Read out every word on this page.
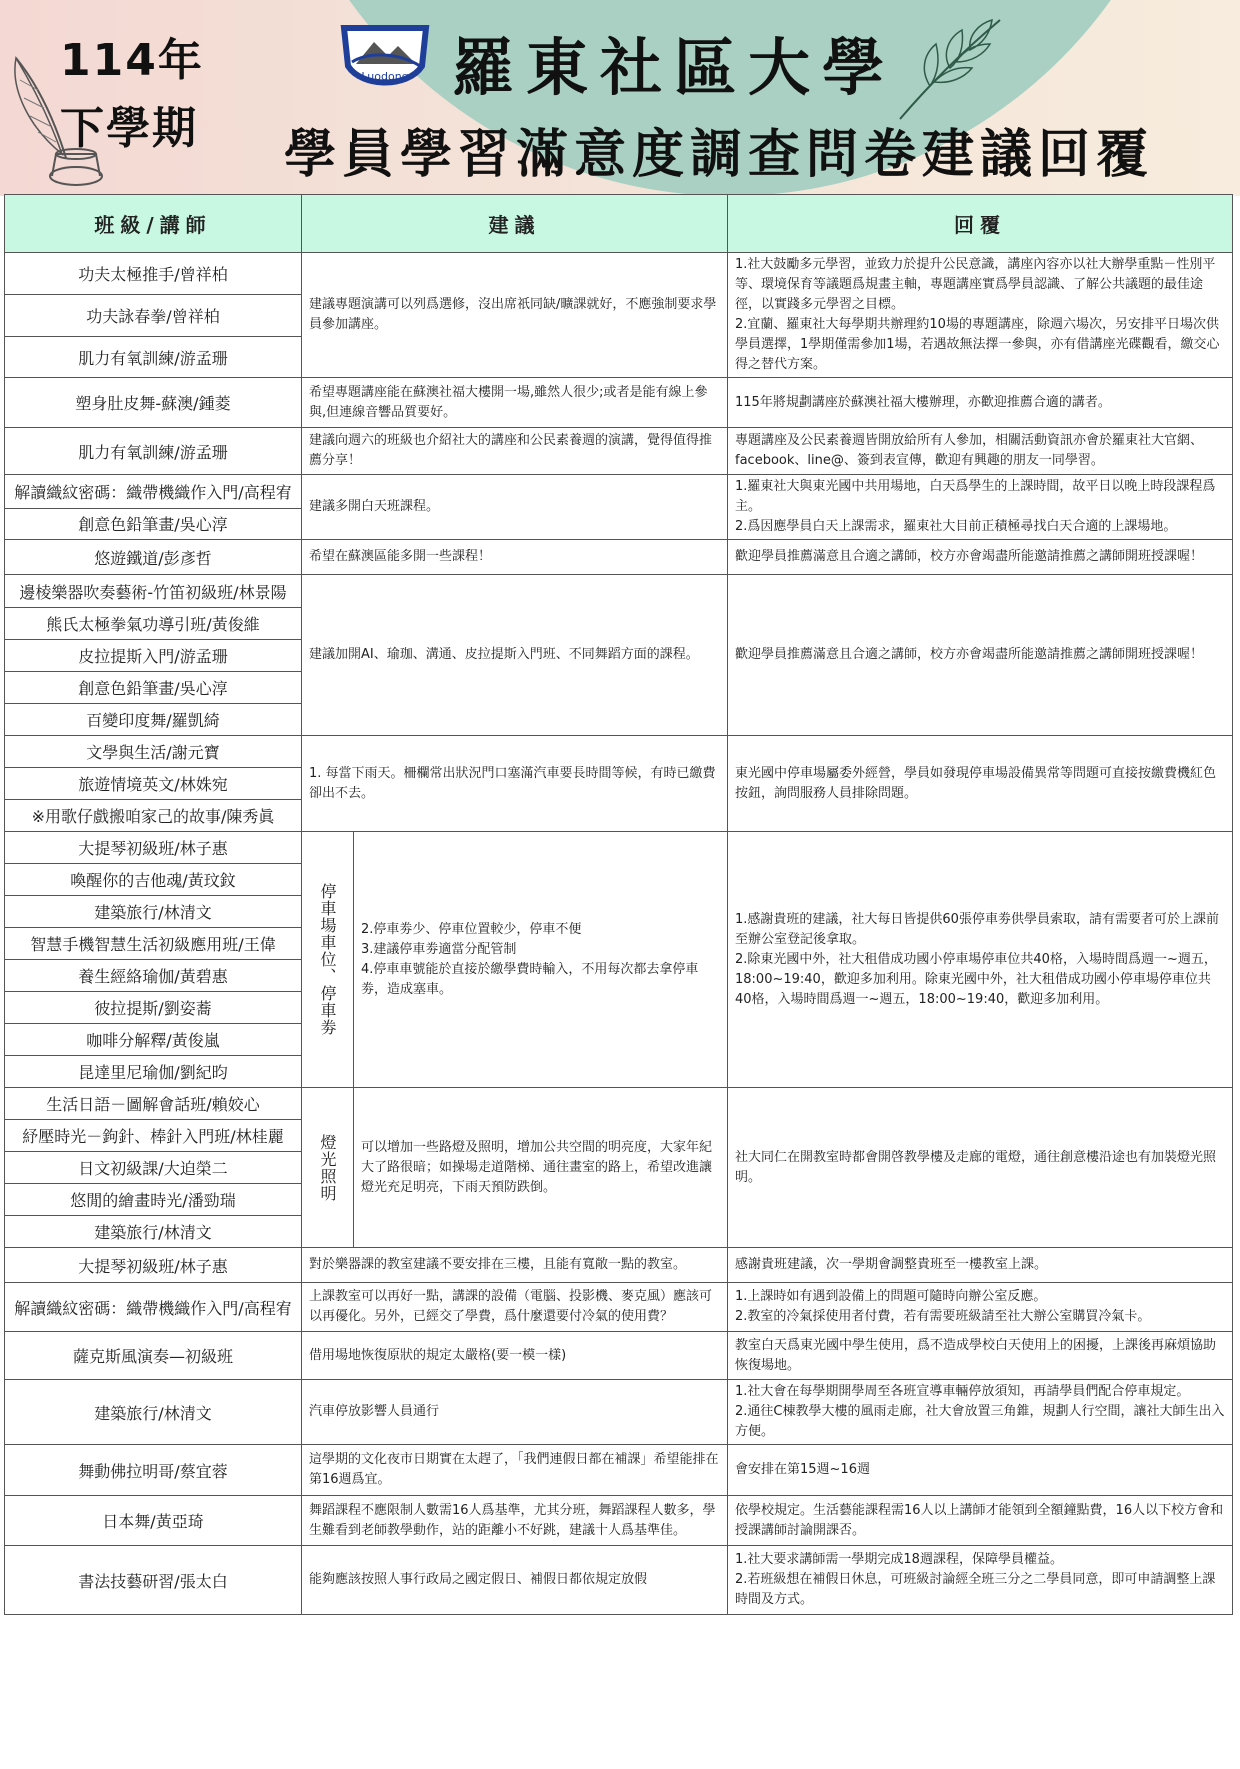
114年
下學期
Luodong 羅東社區大學
學員學習滿意度調查問卷建議回覆
班級/講師	建議		回覆
功夫太極推手/曾祥柏	建議專題演講可以列爲選修，沒出席祇同缺/曠課就好，不應強制要求學員參加講座。		1.社大鼓勵多元學習，並致力於提升公民意識，講座內容亦以社大辦學重點－性別平等、環境保育等議題爲規畫主軸，專題講座實爲學員認識、了解公共議題的最佳途徑，以實踐多元學習之目標。
2.宜蘭、羅東社大每學期共辦理約10場的專題講座，除週六場次，另安排平日場次供學員選擇，1學期僅需參加1場，若遇故無法擇一參與，亦有借講座光碟觀看，繳交心得之替代方案。

功夫詠春拳/曾祥柏			
肌力有氧訓練/游孟珊			
塑身肚皮舞-蘇澳/鍾菱	希望專題講座能在蘇澳社福大樓開一場,雖然人很少;或者是能有線上參與,但連線音響品質要好。		115年將規劃講座於蘇澳社福大樓辦理，亦歡迎推薦合適的講者。

肌力有氧訓練/游孟珊	建議向週六的班級也介紹社大的講座和公民素養週的演講，覺得值得推薦分享！		專題講座及公民素養週皆開放給所有人參加，相關活動資訊亦會於羅東社大官網、facebook、line@、簽到表宣傳，歡迎有興趣的朋友一同學習。

解讀織紋密碼：織帶機織作入門/高程宥	建議多開白天班課程。		1.羅東社大與東光國中共用場地，白天爲學生的上課時間，故平日以晚上時段課程爲主。
2.爲因應學員白天上課需求，羅東社大目前正積極尋找白天合適的上課場地。

創意色鉛筆畫/吳心淳			
悠遊鐵道/彭彥哲	希望在蘇澳區能多開一些課程！		歡迎學員推薦滿意且合適之講師，校方亦會竭盡所能邀請推薦之講師開班授課喔！

邊棱樂器吹奏藝術-竹笛初級班/林景陽	建議加開AI、瑜珈、溝通、皮拉提斯入門班、不同舞蹈方面的課程。		歡迎學員推薦滿意且合適之講師，校方亦會竭盡所能邀請推薦之講師開班授課喔！

熊氏太極拳氣功導引班/黃俊維			
皮拉提斯入門/游孟珊			
創意色鉛筆畫/吳心淳			
百變印度舞/羅凱綺			
文學與生活/謝元寶	1. 每當下雨天。柵欄常出狀況門口塞滿汽車要長時間等候，有時已繳費卻出不去。		東光國中停車場屬委外經營，學員如發現停車場設備異常等問題可直接按繳費機紅色按鈕，詢問服務人員排除問題。

旅遊情境英文/林姝宛			
※用歌仔戲搬咱家己的故事/陳秀眞			
大提琴初級班/林子惠	停車場車位、停車劵	2.停車劵少、停車位置較少，停車不便
3.建議停車劵適當分配管制
4.停車車號能於直接於繳學費時輸入，不用每次都去拿停車劵，造成塞車。	1.感謝貴班的建議，社大每日皆提供60張停車劵供學員索取，請有需要者可於上課前至辦公室登記後拿取。
2.除東光國中外，社大租借成功國小停車場停車位共40格，入場時間爲週一~週五，18:00~19:40，歡迎多加利用。除東光國中外，社大租借成功國小停車場停車位共40格，入場時間爲週一~週五，18:00~19:40，歡迎多加利用。

喚醒你的吉他魂/黃玟鈫			
建築旅行/林清文			
智慧手機智慧生活初級應用班/王偉			
養生經絡瑜伽/黃碧惠			
彼拉提斯/劉姿蕎			
咖啡分解釋/黃俊嵐			
昆達里尼瑜伽/劉紀昀			
生活日語－圖解會話班/賴姣心	燈光照明	可以增加一些路燈及照明，增加公共空間的明亮度，大家年紀大了路很暗；如操場走道階梯、通往畫室的路上，希望改進讓燈光充足明亮，下雨天預防跌倒。	社大同仁在開教室時都會開啓教學樓及走廊的電燈，通往創意樓沿途也有加裝燈光照明。

紓壓時光－鉤針、棒針入門班/林桂麗			
日文初級課/大迫榮二			
悠閒的繪畫時光/潘勁瑞			
建築旅行/林清文			
大提琴初級班/林子惠	對於樂器課的教室建議不要安排在三樓，且能有寬敞一點的教室。		感謝貴班建議，次一學期會調整貴班至一樓教室上課。

解讀織紋密碼：織帶機織作入門/高程宥	上課教室可以再好一點，講課的設備（電腦、投影機、麥克風）應該可以再優化。另外，已經交了學費，爲什麼還要付冷氣的使用費？		1.上課時如有遇到設備上的問題可隨時向辦公室反應。
2.教室的冷氣採使用者付費，若有需要班級請至社大辦公室購買冷氣卡。

薩克斯風演奏—初級班	借用場地恢復原狀的規定太嚴格(要一模一樣)		教室白天爲東光國中學生使用，爲不造成學校白天使用上的困擾，上課後再麻煩協助恢復場地。

建築旅行/林清文	汽車停放影響人員通行		1.社大會在每學期開學周至各班宣導車輛停放須知，再請學員們配合停車規定。
2.通往C棟教學大樓的風雨走廊，社大會放置三角錐，規劃人行空間，讓社大師生出入方便。

舞動佛拉明哥/蔡宜蓉	這學期的文化夜市日期實在太趕了，「我們連假日都在補課」希望能排在第16週爲宜。		會安排在第15週~16週

日本舞/黃亞琦	舞蹈課程不應限制人數需16人爲基準，尤其分班，舞蹈課程人數多，學生難看到老師教學動作，站的距離小不好跳，建議十人爲基準佳。		依學校規定。生活藝能課程需16人以上講師才能領到全額鐘點費，16人以下校方會和授課講師討論開課否。

書法技藝研習/張太白	能夠應該按照人事行政局之國定假日、補假日都依規定放假		1.社大要求講師需一學期完成18週課程，保障學員權益。
2.若班級想在補假日休息，可班級討論經全班三分之二學員同意，即可申請調整上課時間及方式。
